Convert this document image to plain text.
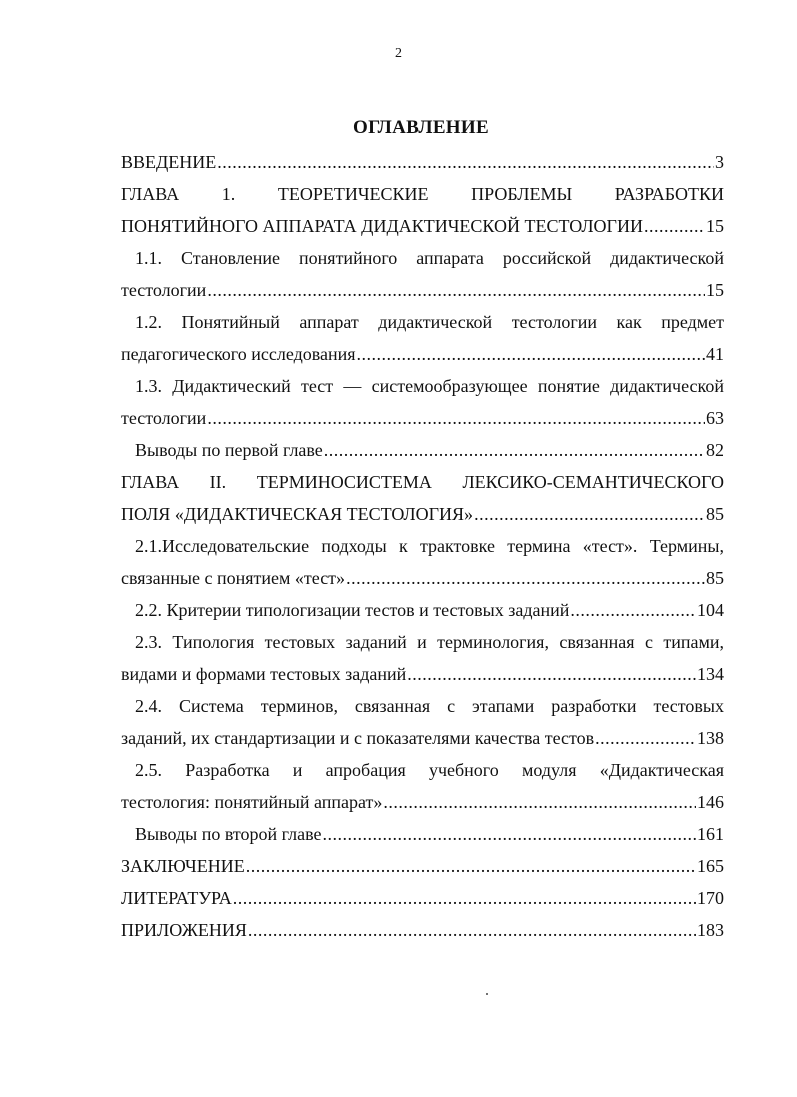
2
ОГЛАВЛЕНИЕ
ВВЕДЕНИЕ .....	3
ГЛАВА 1. ТЕОРЕТИЧЕСКИЕ ПРОБЛЕМЫ РАЗРАБОТКИ
ПОНЯТИЙНОГО АППАРАТА ДИДАКТИЧЕСКОЙ ТЕСТОЛОГИИ .....	15
1.1. Становление понятийного аппарата российской дидактической
тестологии .....	15
1.2. Понятийный аппарат дидактической тестологии как предмет
педагогического исследования .....	41
1.3. Дидактический тест — системообразующее понятие дидактической
тестологии .....	63
Выводы по первой главе .....	82
ГЛАВА II. ТЕРМИНОСИСТЕМА ЛЕКСИКО-СЕМАНТИЧЕСКОГО
ПОЛЯ «ДИДАКТИЧЕСКАЯ ТЕСТОЛОГИЯ» .....	85
2.1.Исследовательские подходы к трактовке термина «тест». Термины,
связанные с понятием «тест» .....	85
2.2. Критерии типологизации тестов и тестовых заданий .....	104
2.3. Типология тестовых заданий и терминология, связанная с типами,
видами и формами тестовых заданий .....	134
2.4. Система терминов, связанная с этапами разработки тестовых
заданий, их стандартизации и с показателями качества тестов .....	138
2.5. Разработка и апробация учебного модуля «Дидактическая
тестология: понятийный аппарат» .....	146
Выводы по второй главе .....	161
ЗАКЛЮЧЕНИЕ .....	165
ЛИТЕРАТУРА .....	170
ПРИЛОЖЕНИЯ .....	183
